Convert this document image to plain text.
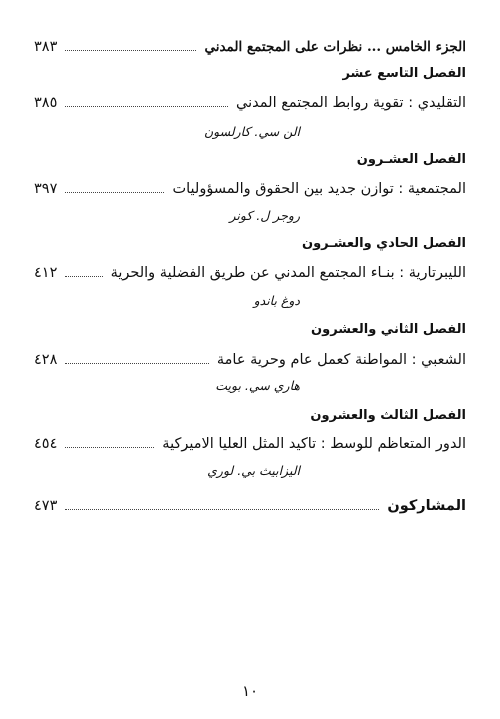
الجزء الخامس ... نظرات على المجتمع المدني
٣٨٣
الفصل التاسع عشر
التقليدي : تقوية روابط المجتمع المدني
٣٨٥
الن سي. كارلسون
الفصل العشـرون
المجتمعية : توازن جديد بين الحقوق والمسؤوليات
٣٩٧
روجر ل. كونر
الفصل الحادي والعشـرون
الليبرتارية : بنـاء المجتمع المدني عن طريق الفضلية والحرية
٤١٢
دوغ باندو
الفصل الثاني والعشرون
الشعبي : المواطنة كعمل عام وحرية عامة
٤٢٨
هاري سي. بويت
الفصل الثالث والعشرون
الدور المتعاظم للوسط : تاكيد المثل العليا الاميركية
٤٥٤
اليزابيث بي. لوري
المشاركون
٤٧٣
١٠
